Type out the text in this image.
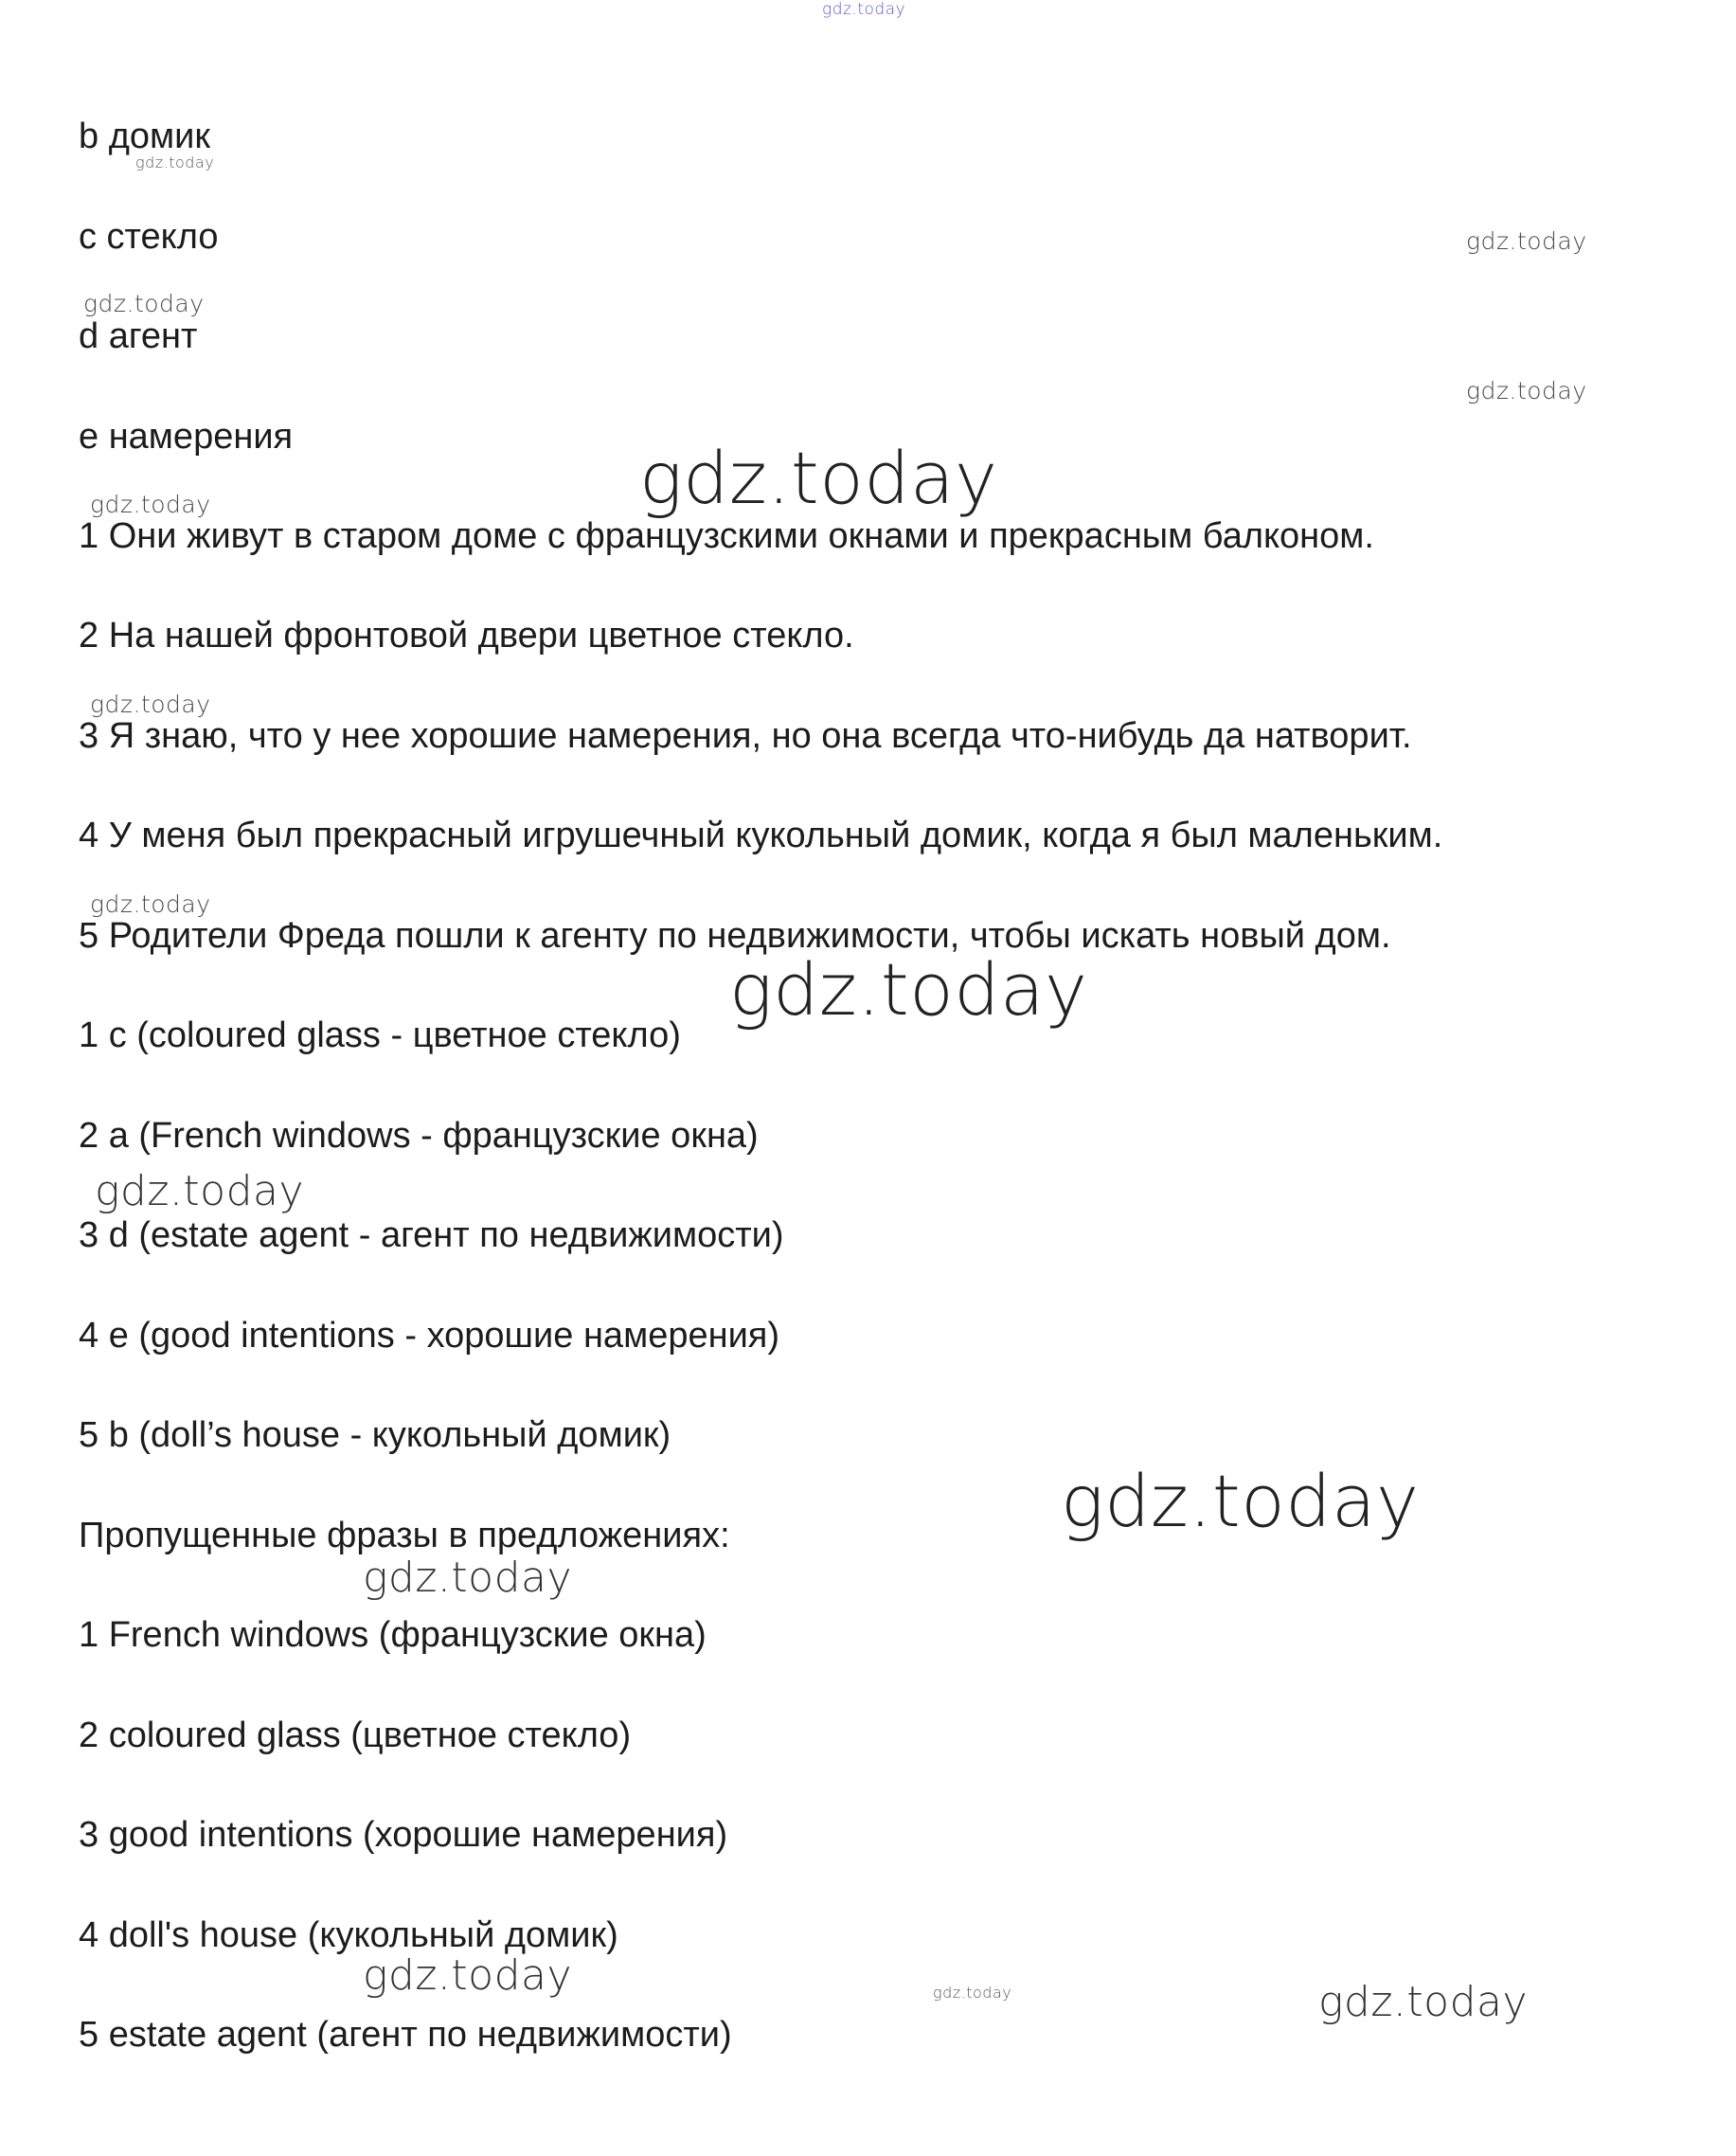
gdz.today
gdz.today
gdz.today
gdz.today
gdz.today
gdz.today
gdz.today
gdz.today
gdz.today
gdz.today
gdz.today
gdz.today
gdz.today
gdz.today	gdz.today	gdz.today
b домик
c стекло
d агент
e намерения
1 Они живут в старом доме с французскими окнами и прекрасным балконом.
2 На нашей фронтовой двери цветное стекло.
3 Я знаю, что у нее хорошие намерения, но она всегда что-нибудь да натворит.
4 У меня был прекрасный игрушечный кукольный домик, когда я был маленьким.
5 Родители Фреда пошли к агенту по недвижимости, чтобы искать новый дом.
1 c (coloured glass - цветное стекло)
2 a (French windows - французские окна)
3 d (estate agent - агент по недвижимости)
4 e (good intentions - хорошие намерения)
5 b (doll’s house - кукольный домик)
Пропущенные фразы в предложениях:
1 French windows (французские окна)
2 coloured glass (цветное стекло)
3 good intentions (хорошие намерения)
4 doll's house (кукольный домик)
5 estate agent (агент по недвижимости)
